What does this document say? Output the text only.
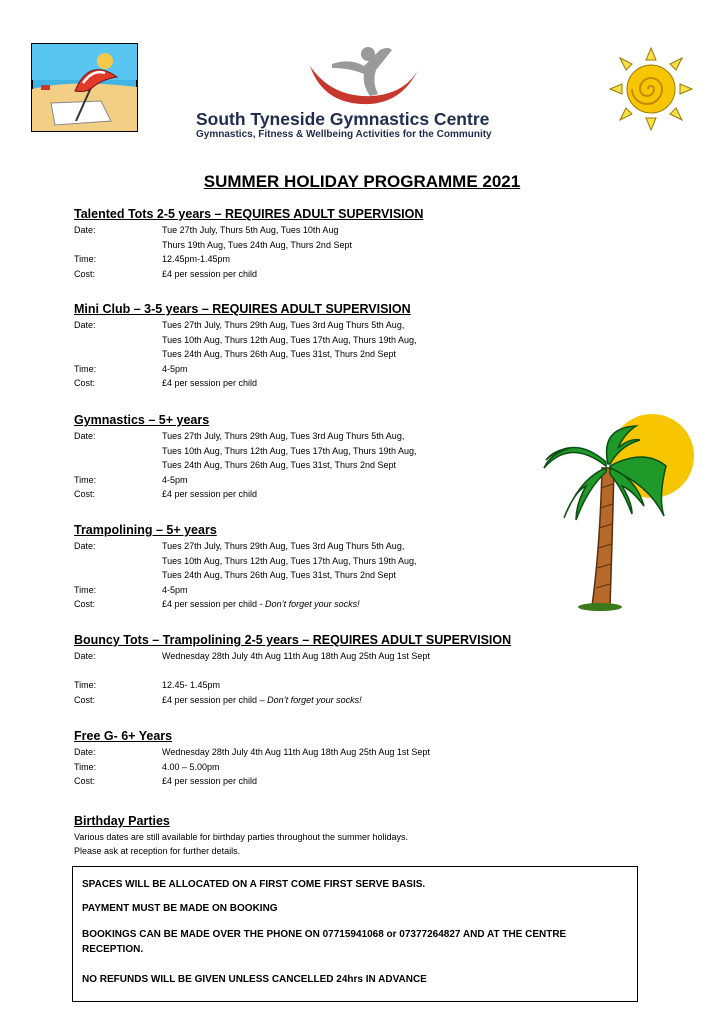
South Tyneside Gymnastics Centre
Gymnastics, Fitness & Wellbeing Activities for the Community
SUMMER HOLIDAY PROGRAMME 2021
Talented Tots 2-5 years – REQUIRES ADULT SUPERVISION
Date:	Tue 27th July, Thurs 5th Aug, Tues 10th Aug
Thurs 19th Aug, Tues 24th Aug, Thurs 2nd Sept
Time:	12.45pm-1.45pm
Cost:	£4 per session per child
Mini Club – 3-5 years – REQUIRES ADULT SUPERVISION
Date:	Tues 27th July, Thurs 29th Aug, Tues 3rd Aug Thurs 5th Aug,
Tues 10th Aug, Thurs 12th Aug, Tues 17th Aug, Thurs 19th Aug,
Tues 24th Aug, Thurs 26th Aug, Tues 31st, Thurs 2nd Sept
Time:	4-5pm
Cost:	£4 per session per child
Gymnastics – 5+ years
Date:	Tues 27th July, Thurs 29th Aug, Tues 3rd Aug Thurs 5th Aug,
Tues 10th Aug, Thurs 12th Aug, Tues 17th Aug, Thurs 19th Aug,
Tues 24th Aug, Thurs 26th Aug, Tues 31st, Thurs 2nd Sept
Time:	4-5pm
Cost:	£4 per session per child
Trampolining – 5+ years
Date:	Tues 27th July, Thurs 29th Aug, Tues 3rd Aug Thurs 5th Aug,
Tues 10th Aug, Thurs 12th Aug, Tues 17th Aug, Thurs 19th Aug,
Tues 24th Aug, Thurs 26th Aug, Tues 31st, Thurs 2nd Sept
Time:	4-5pm
Cost:	£4 per session per child - Don’t forget your socks!
Bouncy Tots – Trampolining 2-5 years – REQUIRES ADULT SUPERVISION
Date:	Wednesday 28th July 4th Aug 11th Aug 18th Aug 25th Aug 1st Sept
Time:	12.45- 1.45pm
Cost:	£4 per session per child – Don’t forget your socks!
Free G- 6+ Years
Date:	Wednesday 28th July 4th Aug 11th Aug 18th Aug 25th Aug 1st Sept
Time:	4.00 – 5.00pm
Cost:	£4 per session per child
Birthday Parties
Various dates are still available for birthday parties throughout the summer holidays.
Please ask at reception for further details.

SPACES WILL BE ALLOCATED ON A FIRST COME FIRST SERVE BASIS.

PAYMENT MUST BE MADE ON BOOKING

BOOKINGS CAN BE MADE OVER THE PHONE ON 07715941068 or 07377264827 AND AT THE CENTRE RECEPTION.

NO REFUNDS WILL BE GIVEN UNLESS CANCELLED 24hrs IN ADVANCE
